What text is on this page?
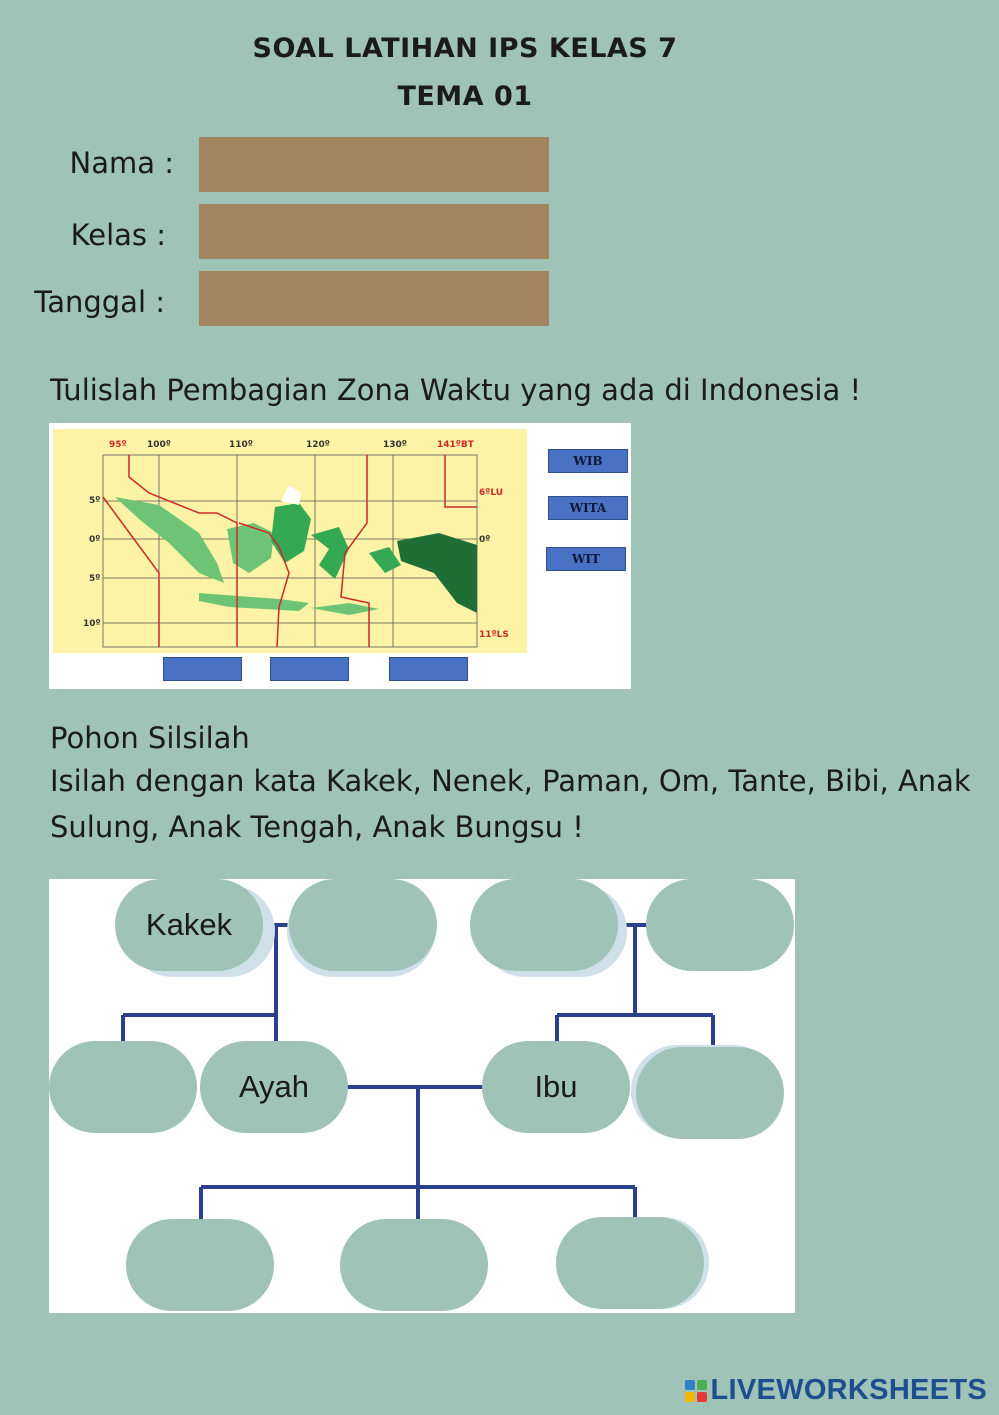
SOAL LATIHAN IPS KELAS 7
TEMA 01
Nama :
Kelas :
Tanggal :
Tulislah Pembagian Zona Waktu yang ada di Indonesia !
95º 100º	110º	120º	130º	141ºBT
5º
0º
5º
10º
6ºLU
0º
11ºLS
WIB
WITA
WIT
Pohon Silsilah
Isilah dengan kata Kakek, Nenek, Paman, Om, Tante, Bibi, Anak
Sulung, Anak Tengah, Anak Bungsu !
Kakek
Ayah	Ibu
LIVEWORKSHEETS
